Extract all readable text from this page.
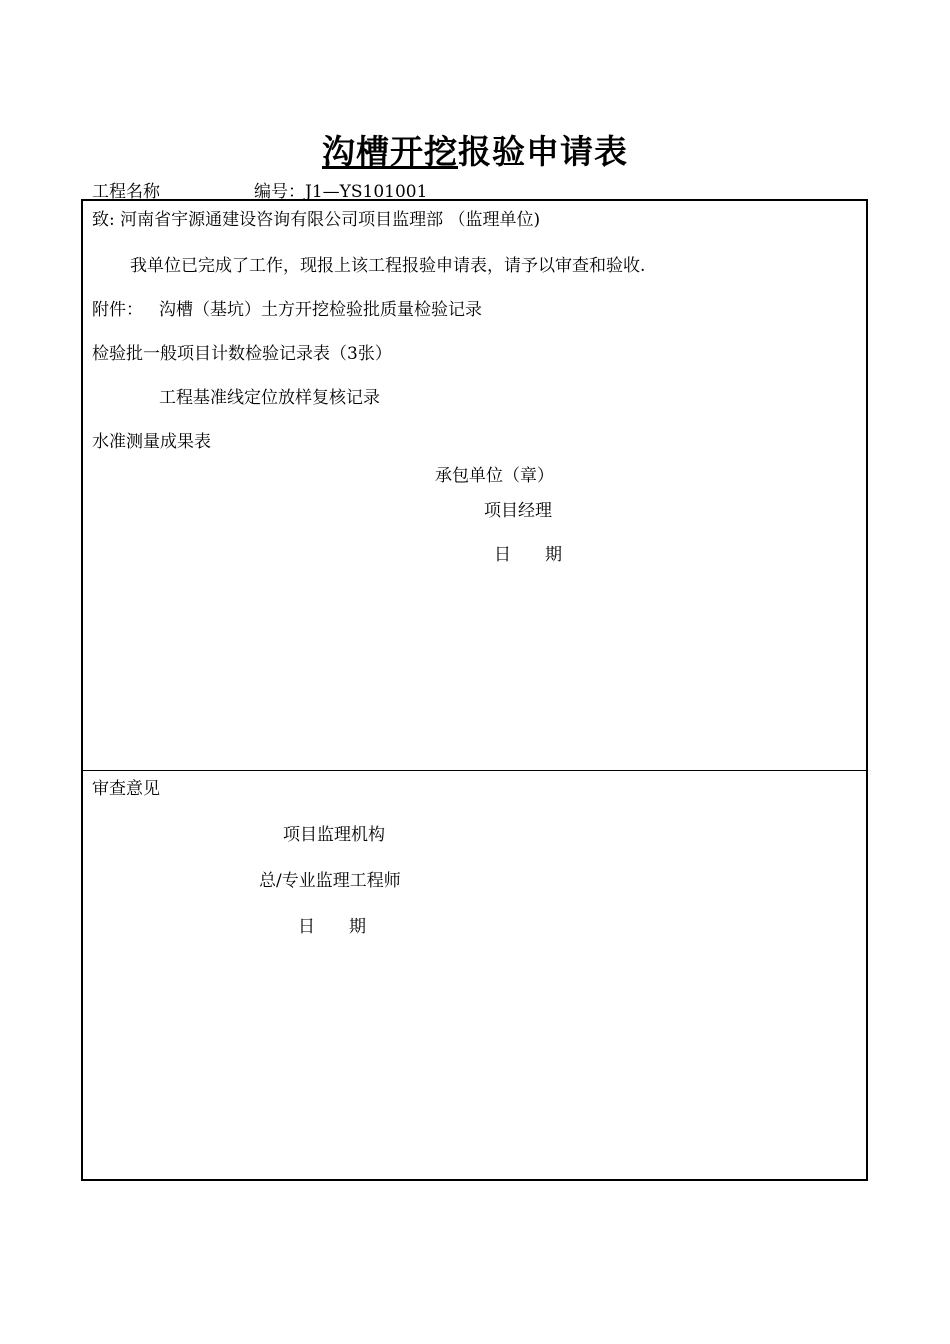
沟槽开挖报验申请表
工程名称	编号：J1—YS101001
致: 河南省宇源通建设咨询有限公司项目监理部 （监理单位)
我单位已完成了工作，现报上该工程报验申请表，请予以审查和验收.
附件： 沟槽（基坑）土方开挖检验批质量检验记录
检验批一般项目计数检验记录表（3张）
工程基准线定位放样复核记录
水准测量成果表
承包单位（章）
项目经理
日　　期
审查意见
项目监理机构
总/专业监理工程师
日　　期
